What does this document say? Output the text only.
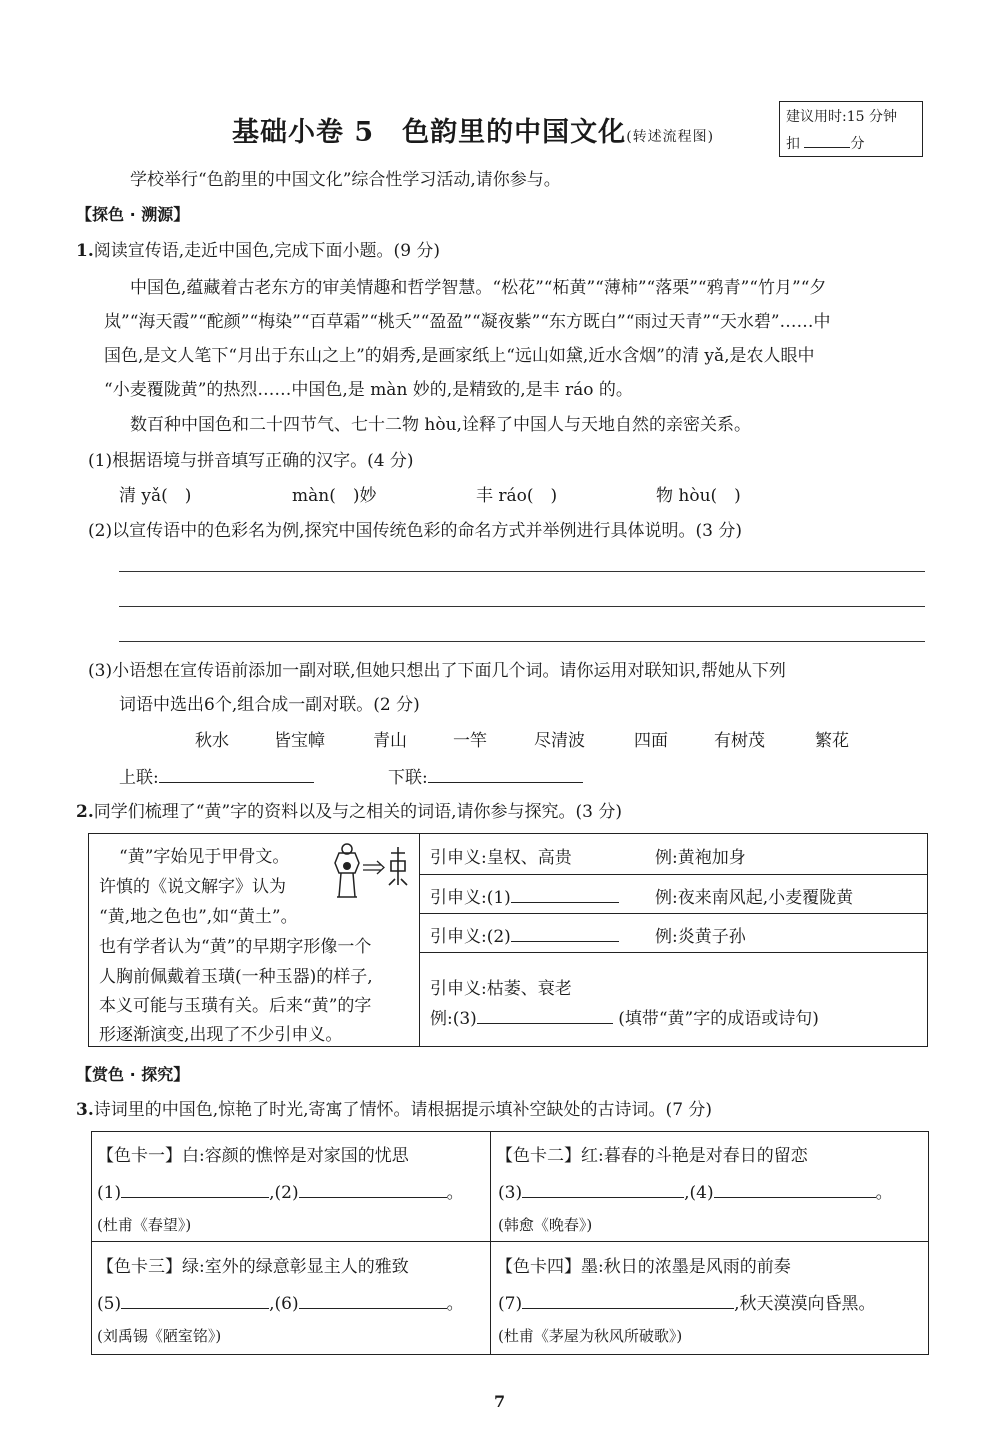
基础小卷 5　色韵里的中国文化(转述流程图)
建议用时:15 分钟
扣	分
学校举行“色韵里的中国文化”综合性学习活动,请你参与。
【探色 · 溯源】
1.阅读宣传语,走近中国色,完成下面小题。(9 分)
中国色,蕴藏着古老东方的审美情趣和哲学智慧。“松花”“柘黄”“薄柿”“落栗”“鸦青”“竹月”“夕
岚”“海天霞”“酡颜”“梅染”“百草霜”“桃夭”“盈盈”“凝夜紫”“东方既白”“雨过天青”“天水碧”……中
国色,是文人笔下“月出于东山之上”的娟秀,是画家纸上“远山如黛,近水含烟”的清 yǎ,是农人眼中
“小麦覆陇黄”的热烈……中国色,是 màn 妙的,是精致的,是丰 ráo 的。
数百种中国色和二十四节气、七十二物 hòu,诠释了中国人与天地自然的亲密关系。
(1)根据语境与拼音填写正确的汉字。(4 分)
清 yǎ(　)	màn(　)妙	丰 ráo(　)	物 hòu(　)
(2)以宣传语中的色彩名为例,探究中国传统色彩的命名方式并举例进行具体说明。(3 分)
(3)小语想在宣传语前添加一副对联,但她只想出了下面几个词。请你运用对联知识,帮她从下列
词语中选出6个,组合成一副对联。(2 分)
秋水	皆宝幛	青山	一竿	尽清波	四面	有树茂	繁花
上联:	下联:
2.同学们梳理了“黄”字的资料以及与之相关的词语,请你参与探究。(3 分)
“黄”字始见于甲骨文。
许慎的《说文解字》认为
“黄,地之色也”,如“黄土”。
也有学者认为“黄”的早期字形像一个
人胸前佩戴着玉璜(一种玉器)的样子,
本义可能与玉璜有关。后来“黄”的字
形逐渐演变,出现了不少引申义。
引申义:皇权、高贵	例:黄袍加身
引申义:(1)	例:夜来南风起,小麦覆陇黄
引申义:(2)	例:炎黄子孙
引申义:枯萎、衰老
例:(3)	(填带“黄”字的成语或诗句)
【赏色 · 探究】
3.诗词里的中国色,惊艳了时光,寄寓了情怀。请根据提示填补空缺处的古诗词。(7 分)
【色卡一】白:容颜的憔悴是对家国的忧思
(1)	,(2)	。
(杜甫《春望》)
【色卡二】红:暮春的斗艳是对春日的留恋
(3)	,(4)	。
(韩愈《晚春》)
【色卡三】绿:室外的绿意彰显主人的雅致
(5)	,(6)	。
(刘禹锡《陋室铭》)
【色卡四】墨:秋日的浓墨是风雨的前奏
(7)	,秋天漠漠向昏黑。
(杜甫《茅屋为秋风所破歌》)
7
